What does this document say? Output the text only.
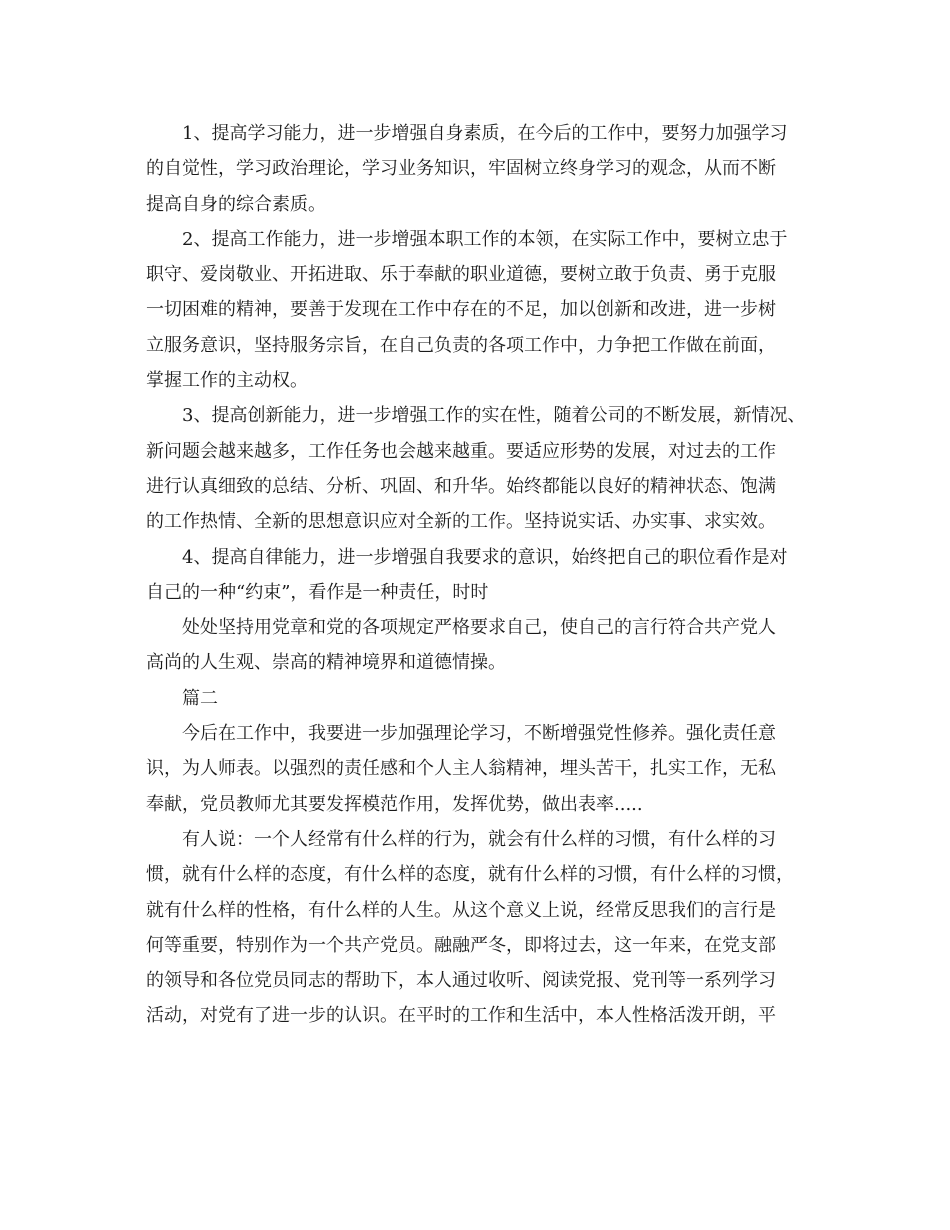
1、提高学习能力，进一步增强自身素质，在今后的工作中，要努力加强学习
的自觉性，学习政治理论，学习业务知识，牢固树立终身学习的观念，从而不断
提高自身的综合素质。
2、提高工作能力，进一步增强本职工作的本领，在实际工作中，要树立忠于
职守、爱岗敬业、开拓进取、乐于奉献的职业道德，要树立敢于负责、勇于克服
一切困难的精神，要善于发现在工作中存在的不足，加以创新和改进，进一步树
立服务意识，坚持服务宗旨，在自己负责的各项工作中，力争把工作做在前面，
掌握工作的主动权。
3、提高创新能力，进一步增强工作的实在性，随着公司的不断发展，新情况、
新问题会越来越多，工作任务也会越来越重。要适应形势的发展，对过去的工作
进行认真细致的总结、分析、巩固、和升华。始终都能以良好的精神状态、饱满
的工作热情、全新的思想意识应对全新的工作。坚持说实话、办实事、求实效。
4、提高自律能力，进一步增强自我要求的意识，始终把自己的职位看作是对
自己的一种“约束”，看作是一种责任，时时
处处坚持用党章和党的各项规定严格要求自己，使自己的言行符合共产党人
高尚的人生观、崇高的精神境界和道德情操。
篇二
今后在工作中，我要进一步加强理论学习，不断增强党性修养。强化责任意
识，为人师表。以强烈的责任感和个人主人翁精神，埋头苦干，扎实工作，无私
奉献，党员教师尤其要发挥模范作用，发挥优势，做出表率.....
有人说：一个人经常有什么样的行为，就会有什么样的习惯，有什么样的习
惯，就有什么样的态度，有什么样的态度，就有什么样的习惯，有什么样的习惯，
就有什么样的性格，有什么样的人生。从这个意义上说，经常反思我们的言行是
何等重要，特别作为一个共产党员。融融严冬，即将过去，这一年来，在党支部
的领导和各位党员同志的帮助下，本人通过收听、阅读党报、党刊等一系列学习
活动，对党有了进一步的认识。在平时的工作和生活中，本人性格活泼开朗，平
